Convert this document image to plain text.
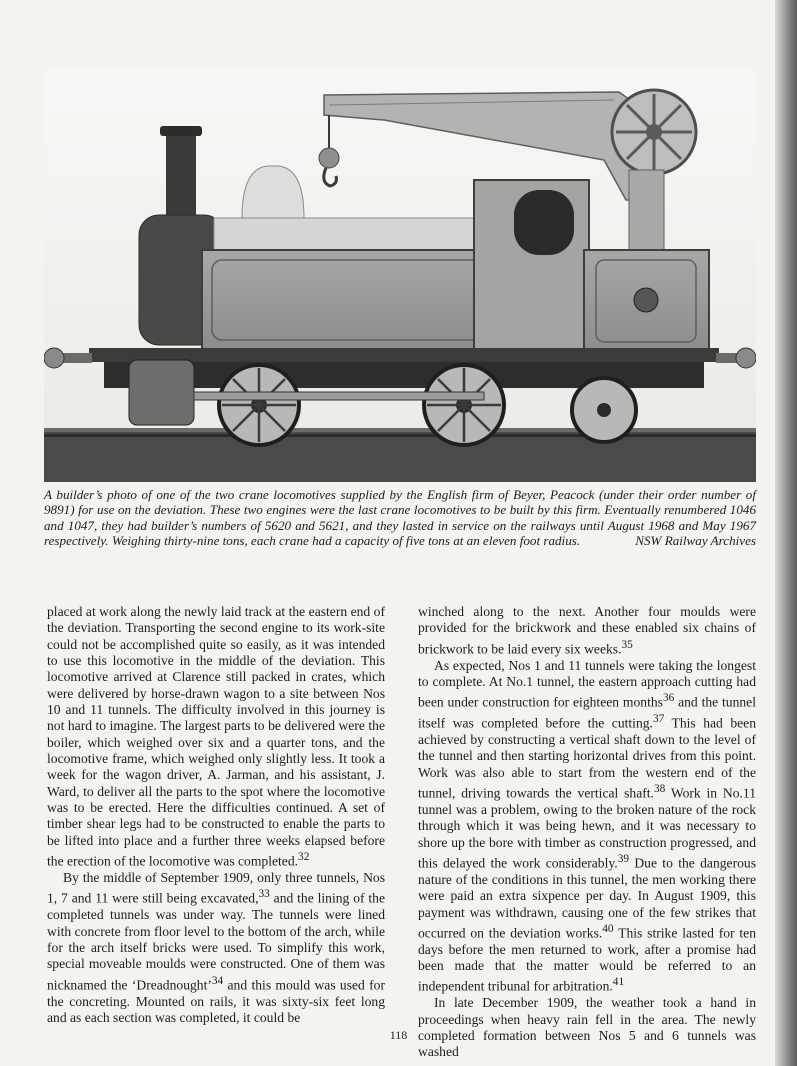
A builder’s photo of one of the two crane locomotives supplied by the English firm of Beyer, Peacock (under their order number of 9891) for use on the deviation. These two engines were the last crane locomotives to be built by this firm. Eventually renumbered 1046 and 1047, they had builder’s numbers of 5620 and 5621, and they lasted in service on the railways until August 1968 and May 1967 respectively. Weighing thirty-nine tons, each crane had a capacity of five tons at an eleven foot radius.	NSW Railway Archives

placed at work along the newly laid track at the eastern end of the deviation. Transporting the second engine to its work-site could not be accomplished quite so easily, as it was intended to use this locomotive in the middle of the deviation. This locomotive arrived at Clarence still packed in crates, which were delivered by horse-drawn wagon to a site between Nos 10 and 11 tunnels. The difficulty involved in this journey is not hard to imagine. The largest parts to be delivered were the boiler, which weighed over six and a quarter tons, and the locomotive frame, which weighed only slightly less. It took a week for the wagon driver, A. Jarman, and his assistant, J. Ward, to deliver all the parts to the spot where the locomotive was to be erected. Here the difficulties continued. A set of timber shear legs had to be constructed to enable the parts to be lifted into place and a further three weeks elapsed before the erection of the locomotive was completed.$^{32}$

By the middle of September 1909, only three tunnels, Nos 1, 7 and 11 were still being excavated,$^{33}$ and the lining of the completed tunnels was under way. The tunnels were lined with concrete from floor level to the bottom of the arch, while for the arch itself bricks were used. To simplify this work, special moveable moulds were constructed. One of them was nicknamed the ‘Dreadnought’$^{34}$ and this mould was used for the concreting. Mounted on rails, it was sixty-six feet long and as each section was completed, it could be

winched along to the next. Another four moulds were provided for the brickwork and these enabled six chains of brickwork to be laid every six weeks.$^{35}$

As expected, Nos 1 and 11 tunnels were taking the longest to complete. At No.1 tunnel, the eastern approach cutting had been under construction for eighteen months$^{36}$ and the tunnel itself was completed before the cutting.$^{37}$ This had been achieved by constructing a vertical shaft down to the level of the tunnel and then starting horizontal drives from this point. Work was also able to start from the western end of the tunnel, driving towards the vertical shaft.$^{38}$ Work in No.11 tunnel was a problem, owing to the broken nature of the rock through which it was being hewn, and it was necessary to shore up the bore with timber as construction progressed, and this delayed the work considerably.$^{39}$ Due to the dangerous nature of the conditions in this tunnel, the men working there were paid an extra sixpence per day. In August 1909, this payment was withdrawn, causing one of the few strikes that occurred on the deviation works.$^{40}$ This strike lasted for ten days before the men returned to work, after a promise had been made that the matter would be referred to an independent tribunal for arbitration.$^{41}$

In late December 1909, the weather took a hand in proceedings when heavy rain fell in the area. The newly completed formation between Nos 5 and 6 tunnels was washed

118
